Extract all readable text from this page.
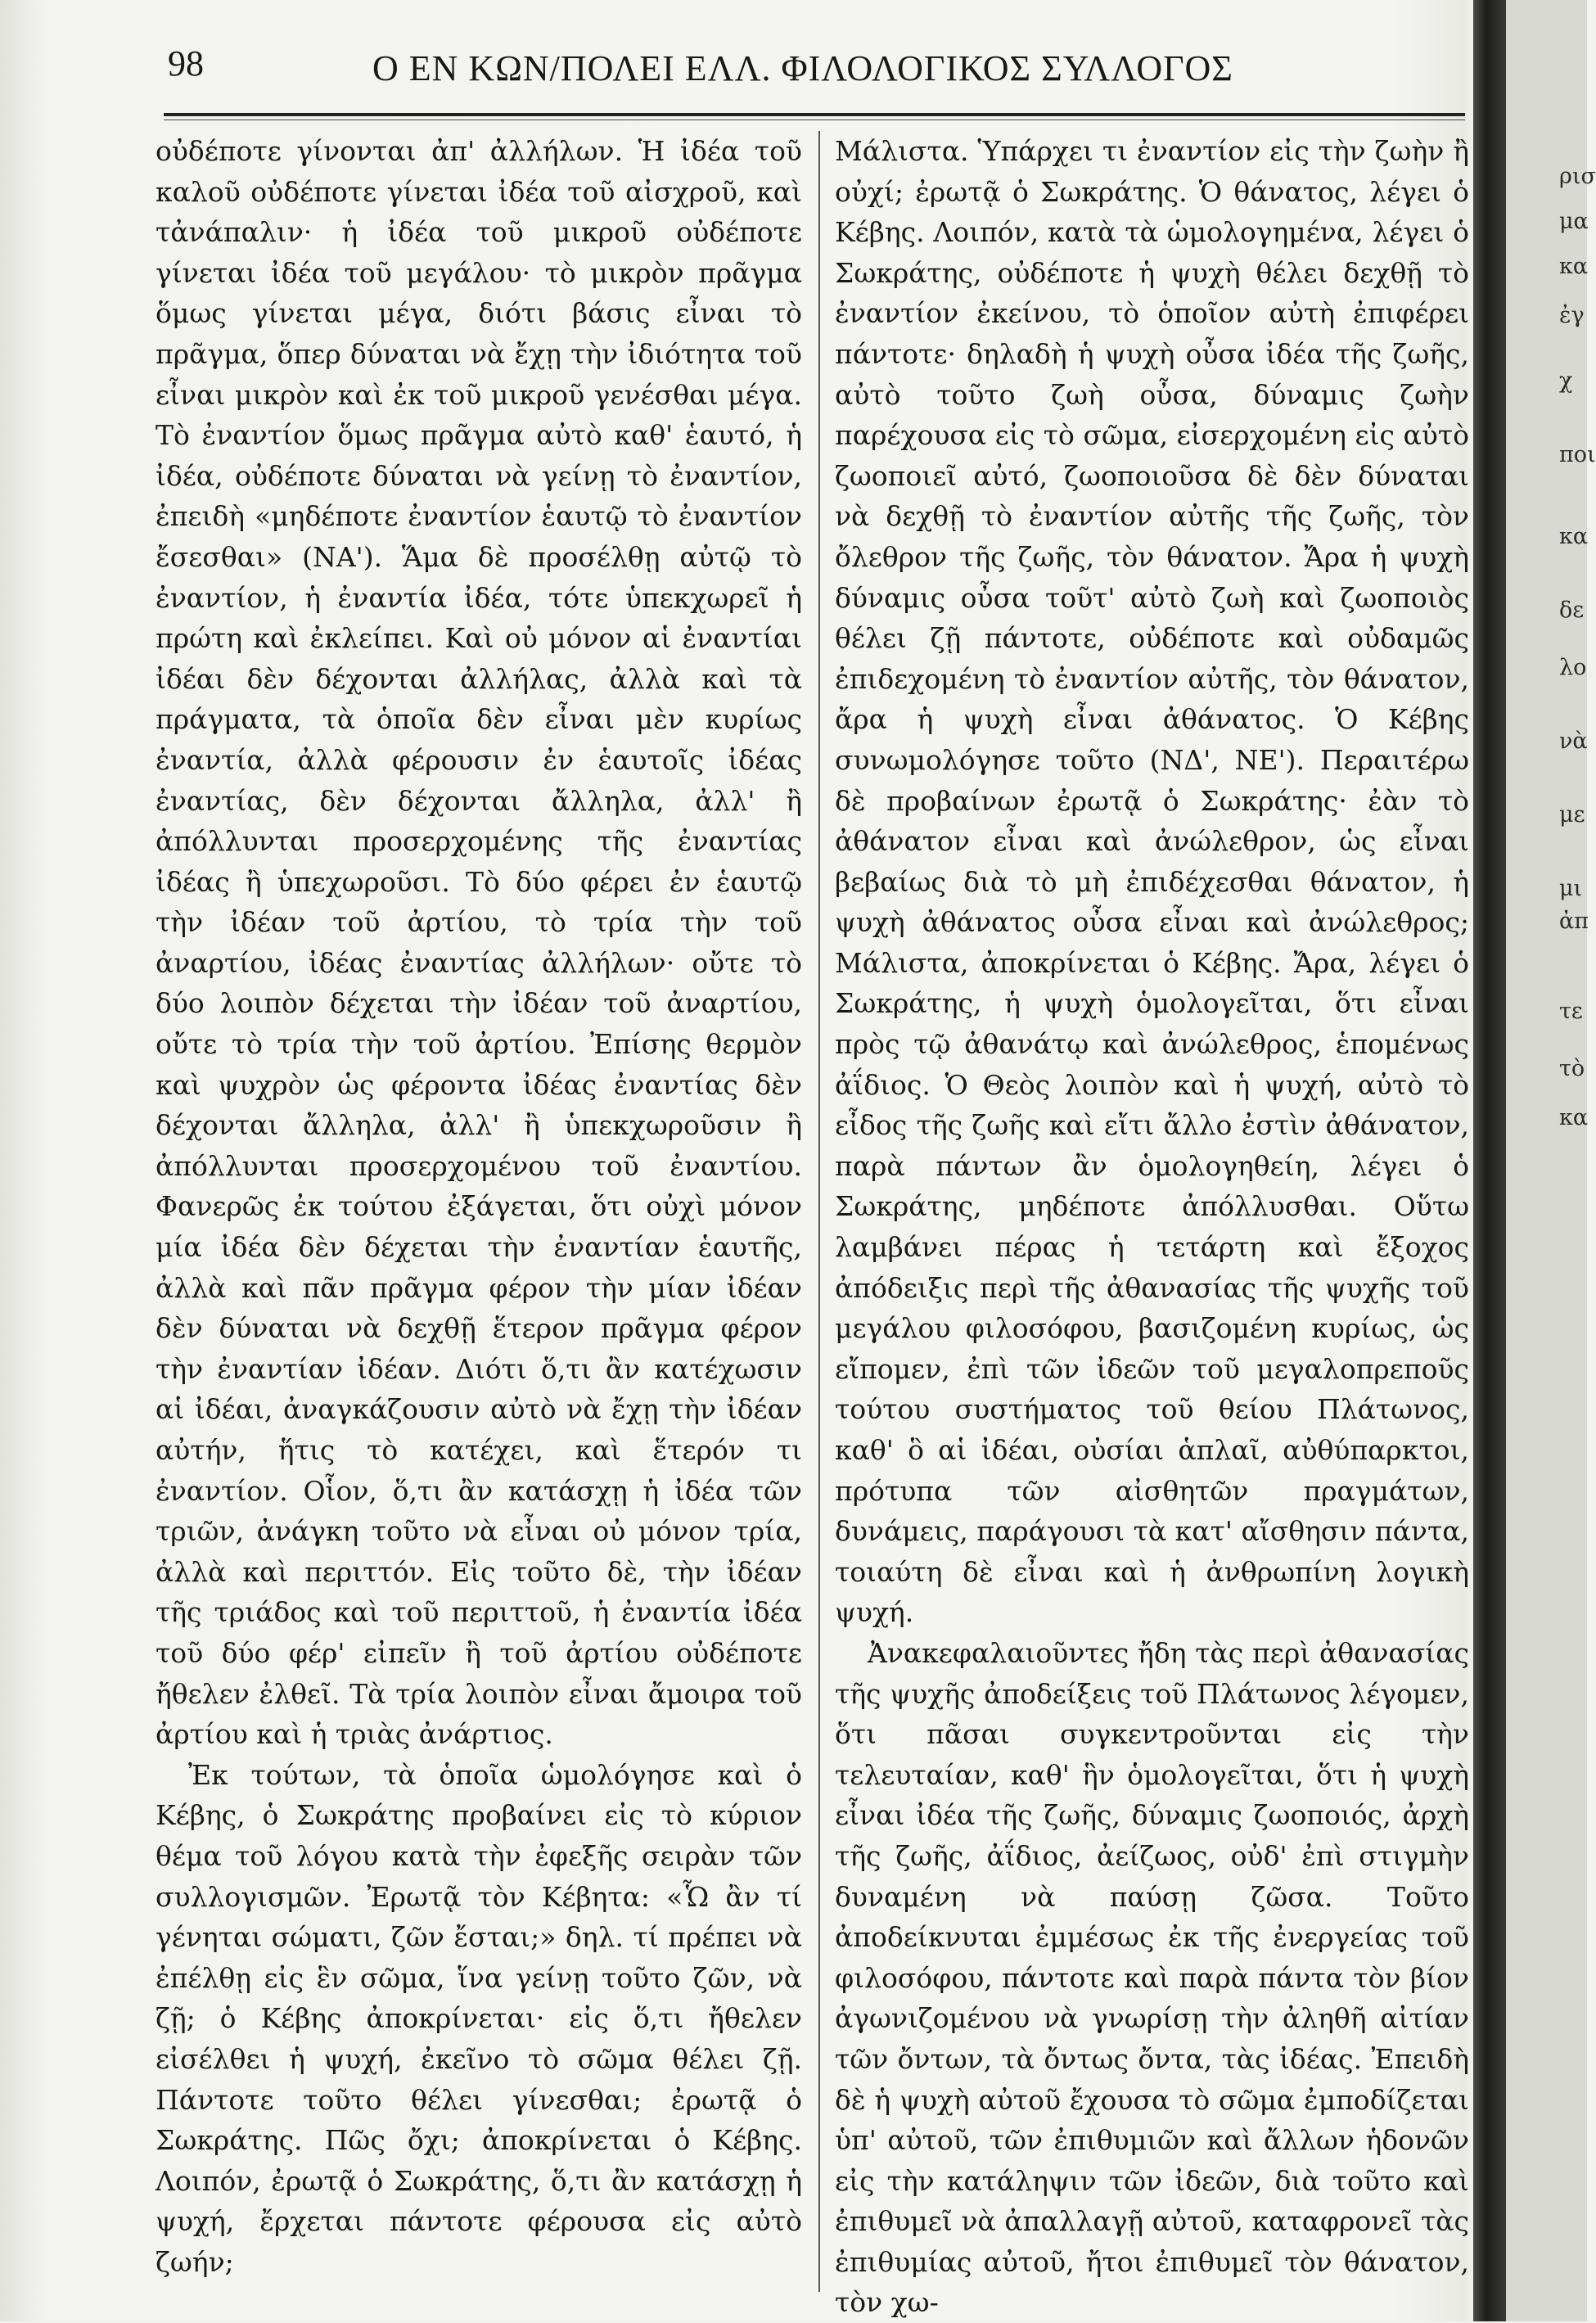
98	Ο ΕΝ ΚΩΝ/ΠΟΛΕΙ ΕΛΛ. ΦΙΛΟΛΟΓΙΚΟΣ ΣΥΛΛΟΓΟΣ

οὐδέποτε γίνονται ἀπ' ἀλλήλων. Ἡ ἰδέα τοῦ καλοῦ οὐδέποτε γίνεται ἰδέα τοῦ αἰσχροῦ, καὶ τἀνάπαλιν· ἡ ἰδέα τοῦ μικροῦ οὐδέποτε γίνεται ἰδέα τοῦ μεγάλου· τὸ μικρὸν πρᾶγμα ὅμως γίνεται μέγα, διότι βάσις εἶναι τὸ πρᾶγμα, ὅπερ δύναται νὰ ἔχῃ τὴν ἰδιότητα τοῦ εἶναι μικρὸν καὶ ἐκ τοῦ μικροῦ γενέσθαι μέγα. Τὸ ἐναντίον ὅμως πρᾶγμα αὐτὸ καθ' ἑαυτό, ἡ ἰδέα, οὐδέποτε δύναται νὰ γείνῃ τὸ ἐναντίον, ἐπειδὴ «μηδέποτε ἐναντίον ἑαυτῷ τὸ ἐναντίον ἔσεσθαι» (ΝΑ'). Ἅμα δὲ προσέλθῃ αὐτῷ τὸ ἐναντίον, ἡ ἐναντία ἰδέα, τότε ὑπεκχωρεῖ ἡ πρώτη καὶ ἐκλείπει. Καὶ οὐ μόνον αἱ ἐναντίαι ἰδέαι δὲν δέχονται ἀλλήλας, ἀλλὰ καὶ τὰ πράγματα, τὰ ὁποῖα δὲν εἶναι μὲν κυρίως ἐναντία, ἀλλὰ φέρουσιν ἐν ἑαυτοῖς ἰδέας ἐναντίας, δὲν δέχονται ἄλληλα, ἀλλ' ἢ ἀπόλλυνται προσερχομένης τῆς ἐναντίας ἰδέας ἢ ὑπεχωροῦσι. Τὸ δύο φέρει ἐν ἑαυτῷ τὴν ἰδέαν τοῦ ἀρτίου, τὸ τρία τὴν τοῦ ἀναρτίου, ἰδέας ἐναντίας ἀλλήλων· οὔτε τὸ δύο λοιπὸν δέχεται τὴν ἰδέαν τοῦ ἀναρτίου, οὔτε τὸ τρία τὴν τοῦ ἀρτίου. Ἐπίσης θερμὸν καὶ ψυχρὸν ὡς φέροντα ἰδέας ἐναντίας δὲν δέχονται ἄλληλα, ἀλλ' ἢ ὑπεκχωροῦσιν ἢ ἀπόλλυνται προσερχομένου τοῦ ἐναντίου. Φανερῶς ἐκ τούτου ἐξάγεται, ὅτι οὐχὶ μόνον μία ἰδέα δὲν δέχεται τὴν ἐναντίαν ἑαυτῆς, ἀλλὰ καὶ πᾶν πρᾶγμα φέρον τὴν μίαν ἰδέαν δὲν δύναται νὰ δεχθῇ ἕτερον πρᾶγμα φέρον τὴν ἐναντίαν ἰδέαν. Διότι ὅ,τι ἂν κατέχωσιν αἱ ἰδέαι, ἀναγκάζουσιν αὐτὸ νὰ ἔχῃ τὴν ἰδέαν αὐτήν, ἥτις τὸ κατέχει, καὶ ἕτερόν τι ἐναντίον. Οἷον, ὅ,τι ἂν κατάσχῃ ἡ ἰδέα τῶν τριῶν, ἀνάγκη τοῦτο νὰ εἶναι οὐ μόνον τρία, ἀλλὰ καὶ περιττόν. Εἰς τοῦτο δὲ, τὴν ἰδέαν τῆς τριάδος καὶ τοῦ περιττοῦ, ἡ ἐναντία ἰδέα τοῦ δύο φέρ' εἰπεῖν ἢ τοῦ ἀρτίου οὐδέποτε ἤθελεν ἐλθεῖ. Τὰ τρία λοιπὸν εἶναι ἄμοιρα τοῦ ἀρτίου καὶ ἡ τριὰς ἀνάρτιος.

Ἐκ τούτων, τὰ ὁποῖα ὡμολόγησε καὶ ὁ Κέβης, ὁ Σωκράτης προβαίνει εἰς τὸ κύριον θέμα τοῦ λόγου κατὰ τὴν ἐφεξῆς σειρὰν τῶν συλλογισμῶν. Ἐρωτᾷ τὸν Κέβητα: «Ὧ ἂν τί γένηται σώματι, ζῶν ἔσται;» δηλ. τί πρέπει νὰ ἐπέλθῃ εἰς ἓν σῶμα, ἵνα γείνῃ τοῦτο ζῶν, νὰ ζῇ; ὁ Κέβης ἀποκρίνεται· εἰς ὅ,τι ἤθελεν εἰσέλθει ἡ ψυχή, ἐκεῖνο τὸ σῶμα θέλει ζῇ. Πάντοτε τοῦτο θέλει γίνεσθαι; ἐρωτᾷ ὁ Σωκράτης. Πῶς ὄχι; ἀποκρίνεται ὁ Κέβης. Λοιπόν, ἐρωτᾷ ὁ Σωκράτης, ὅ,τι ἂν κατάσχῃ ἡ ψυχή, ἔρχεται πάντοτε φέρουσα εἰς αὐτὸ ζωήν;

Μάλιστα. Ὑπάρχει τι ἐναντίον εἰς τὴν ζωὴν ἢ οὐχί; ἐρωτᾷ ὁ Σωκράτης. Ὁ θάνατος, λέγει ὁ Κέβης. Λοιπόν, κατὰ τὰ ὡμολογημένα, λέγει ὁ Σωκράτης, οὐδέποτε ἡ ψυχὴ θέλει δεχθῇ τὸ ἐναντίον ἐκείνου, τὸ ὁποῖον αὐτὴ ἐπιφέρει πάντοτε· δηλαδὴ ἡ ψυχὴ οὖσα ἰδέα τῆς ζωῆς, αὐτὸ τοῦτο ζωὴ οὖσα, δύναμις ζωὴν παρέχουσα εἰς τὸ σῶμα, εἰσερχομένη εἰς αὐτὸ ζωοποιεῖ αὐτό, ζωοποιοῦσα δὲ δὲν δύναται νὰ δεχθῇ τὸ ἐναντίον αὐτῆς τῆς ζωῆς, τὸν ὄλεθρον τῆς ζωῆς, τὸν θάνατον. Ἄρα ἡ ψυχὴ δύναμις οὖσα τοῦτ' αὐτὸ ζωὴ καὶ ζωοποιὸς θέλει ζῇ πάντοτε, οὐδέποτε καὶ οὐδαμῶς ἐπιδεχομένη τὸ ἐναντίον αὐτῆς, τὸν θάνατον, ἄρα ἡ ψυχὴ εἶναι ἀθάνατος. Ὁ Κέβης συνωμολόγησε τοῦτο (ΝΔ', ΝΕ'). Περαιτέρω δὲ προβαίνων ἐρωτᾷ ὁ Σωκράτης· ἐὰν τὸ ἀθάνατον εἶναι καὶ ἀνώλεθρον, ὡς εἶναι βεβαίως διὰ τὸ μὴ ἐπιδέχεσθαι θάνατον, ἡ ψυχὴ ἀθάνατος οὖσα εἶναι καὶ ἀνώλεθρος; Μάλιστα, ἀποκρίνεται ὁ Κέβης. Ἄρα, λέγει ὁ Σωκράτης, ἡ ψυχὴ ὁμολογεῖται, ὅτι εἶναι πρὸς τῷ ἀθανάτῳ καὶ ἀνώλεθρος, ἑπομένως ἀΐδιος. Ὁ Θεὸς λοιπὸν καὶ ἡ ψυχή, αὐτὸ τὸ εἶδος τῆς ζωῆς καὶ εἴτι ἄλλο ἐστὶν ἀθάνατον, παρὰ πάντων ἂν ὁμολογηθείη, λέγει ὁ Σωκράτης, μηδέποτε ἀπόλλυσθαι. Οὕτω λαμβάνει πέρας ἡ τετάρτη καὶ ἔξοχος ἀπόδειξις περὶ τῆς ἀθανασίας τῆς ψυχῆς τοῦ μεγάλου φιλοσόφου, βασιζομένη κυρίως, ὡς εἴπομεν, ἐπὶ τῶν ἰδεῶν τοῦ μεγαλοπρεποῦς τούτου συστήματος τοῦ θείου Πλάτωνος, καθ' ὃ αἱ ἰδέαι, οὐσίαι ἁπλαῖ, αὐθύπαρκτοι, πρότυπα τῶν αἰσθητῶν πραγμάτων, δυνάμεις, παράγουσι τὰ κατ' αἴσθησιν πάντα, τοιαύτη δὲ εἶναι καὶ ἡ ἀνθρωπίνη λογικὴ ψυχή.

Ἀνακεφαλαιοῦντες ἤδη τὰς περὶ ἀθανασίας τῆς ψυχῆς ἀποδείξεις τοῦ Πλάτωνος λέγομεν, ὅτι πᾶσαι συγκεντροῦνται εἰς τὴν τελευταίαν, καθ' ἣν ὁμολογεῖται, ὅτι ἡ ψυχὴ εἶναι ἰδέα τῆς ζωῆς, δύναμις ζωοποιός, ἀρχὴ τῆς ζωῆς, ἀΐδιος, ἀείζωος, οὐδ' ἐπὶ στιγμὴν δυναμένη νὰ παύσῃ ζῶσα. Τοῦτο ἀποδείκνυται ἐμμέσως ἐκ τῆς ἐνεργείας τοῦ φιλοσόφου, πάντοτε καὶ παρὰ πάντα τὸν βίον ἀγωνιζομένου νὰ γνωρίσῃ τὴν ἀληθῆ αἰτίαν τῶν ὄντων, τὰ ὄντως ὄντα, τὰς ἰδέας. Ἐπειδὴ δὲ ἡ ψυχὴ αὐτοῦ ἔχουσα τὸ σῶμα ἐμποδίζεται ὑπ' αὐτοῦ, τῶν ἐπιθυμιῶν καὶ ἄλλων ἡδονῶν εἰς τὴν κατάληψιν τῶν ἰδεῶν, διὰ τοῦτο καὶ ἐπιθυμεῖ νὰ ἀπαλλαγῇ αὐτοῦ, καταφρονεῖ τὰς ἐπιθυμίας αὐτοῦ, ἤτοι ἐπιθυμεῖ τὸν θάνατον, τὸν χω-

ρισ
μα
κα
ἐγ
χ
ποι
κα
δε
λο
νὰ
με
μι
ἀπ
τε
τὸ
κα
